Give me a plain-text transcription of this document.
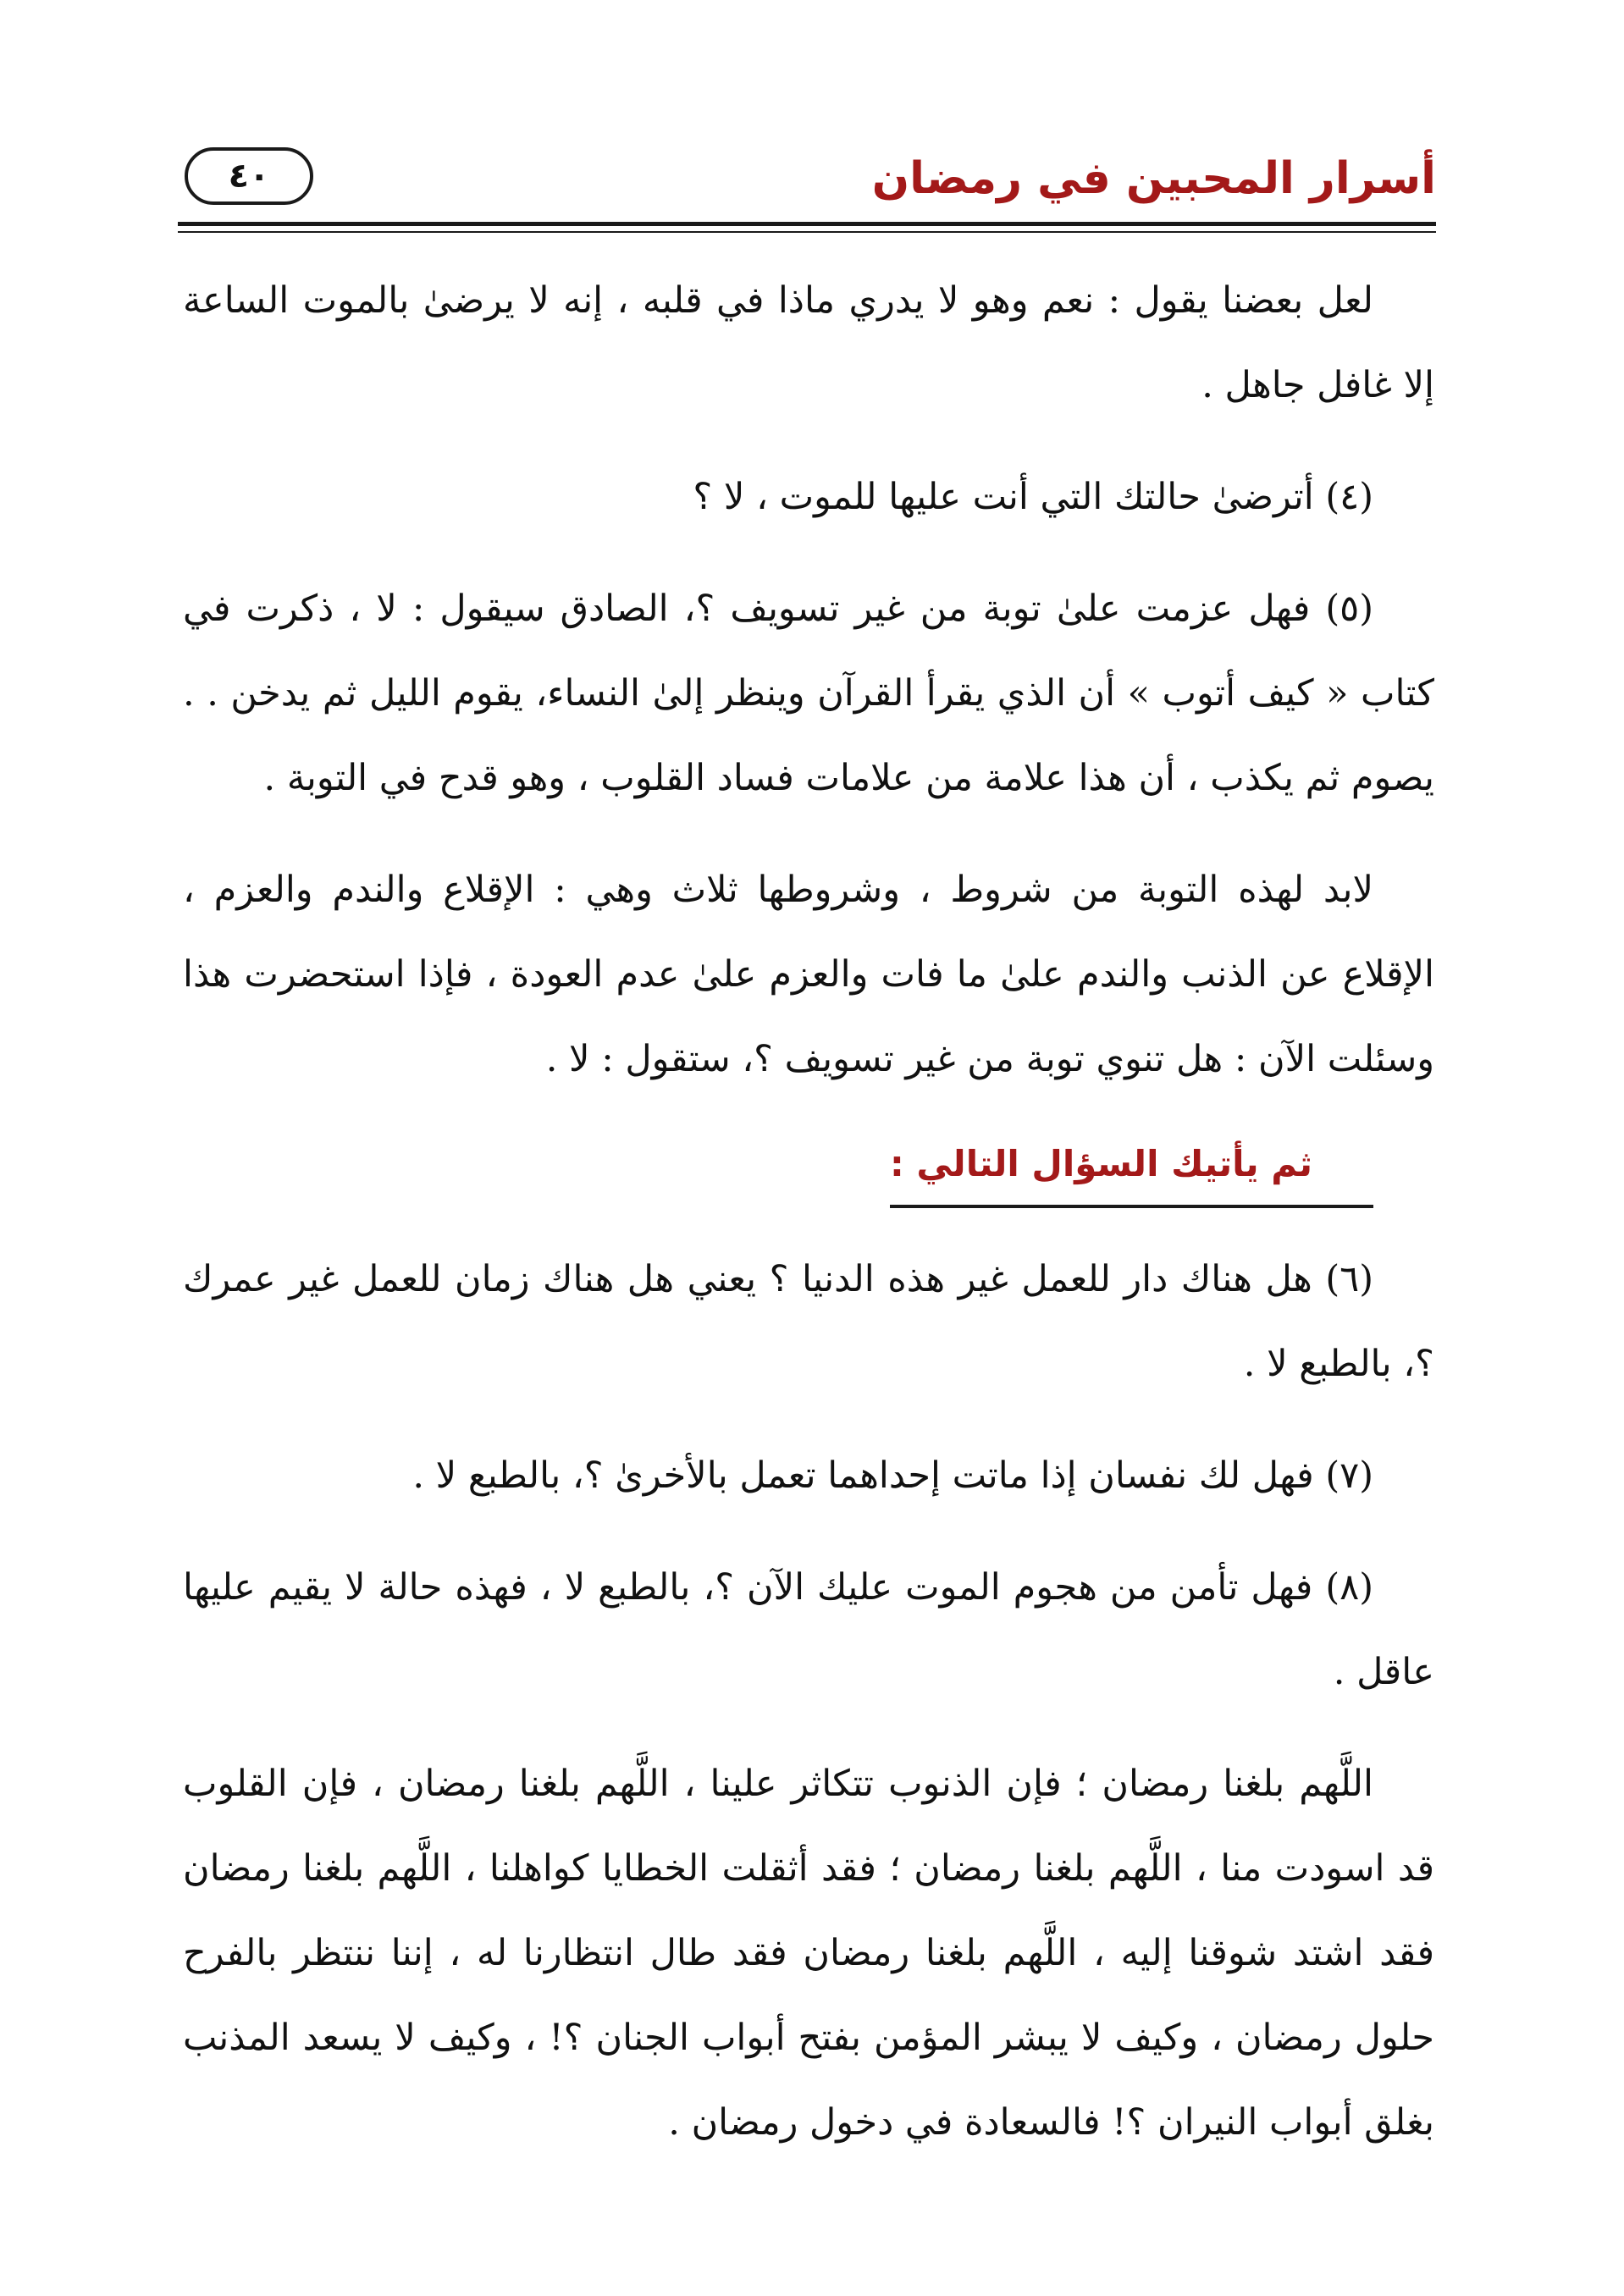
أسرار المحبين في رمضان
٤٠

لعل بعضنا يقول : نعم وهو لا يدري ماذا في قلبه ، إنه لا يرضىٰ بالموت الساعة إلا غافل جاهل .

(٤) أترضىٰ حالتك التي أنت عليها للموت ، لا ؟

(٥) فهل عزمت علىٰ توبة من غير تسويف ؟، الصادق سيقول : لا ، ذكرت في كتاب « كيف أتوب » أن الذي يقرأ القرآن وينظر إلىٰ النساء، يقوم الليل ثم يدخن . . يصوم ثم يكذب ، أن هذا علامة من علامات فساد القلوب ، وهو قدح في التوبة .

لابد لهذه التوبة من شروط ، وشروطها ثلاث وهي : الإقلاع والندم والعزم ، الإقلاع عن الذنب والندم علىٰ ما فات والعزم علىٰ عدم العودة ، فإذا استحضرت هذا وسئلت الآن : هل تنوي توبة من غير تسويف ؟، ستقول : لا .

ثم يأتيك السؤال التالي :

(٦) هل هناك دار للعمل غير هذه الدنيا ؟ يعني هل هناك زمان للعمل غير عمرك ؟، بالطبع لا .

(٧) فهل لك نفسان إذا ماتت إحداهما تعمل بالأخرىٰ ؟، بالطبع لا .

(٨) فهل تأمن من هجوم الموت عليك الآن ؟، بالطبع لا ، فهذه حالة لا يقيم عليها عاقل .

اللَّهم بلغنا رمضان ؛ فإن الذنوب تتكاثر علينا ، اللَّهم بلغنا رمضان ، فإن القلوب قد اسودت منا ، اللَّهم بلغنا رمضان ؛ فقد أثقلت الخطايا كواهلنا ، اللَّهم بلغنا رمضان فقد اشتد شوقنا إليه ، اللَّهم بلغنا رمضان فقد طال انتظارنا له ، إننا ننتظر بالفرح حلول رمضان ، وكيف لا يبشر المؤمن بفتح أبواب الجنان ؟! ، وكيف لا يسعد المذنب بغلق أبواب النيران ؟! فالسعادة في دخول رمضان .
